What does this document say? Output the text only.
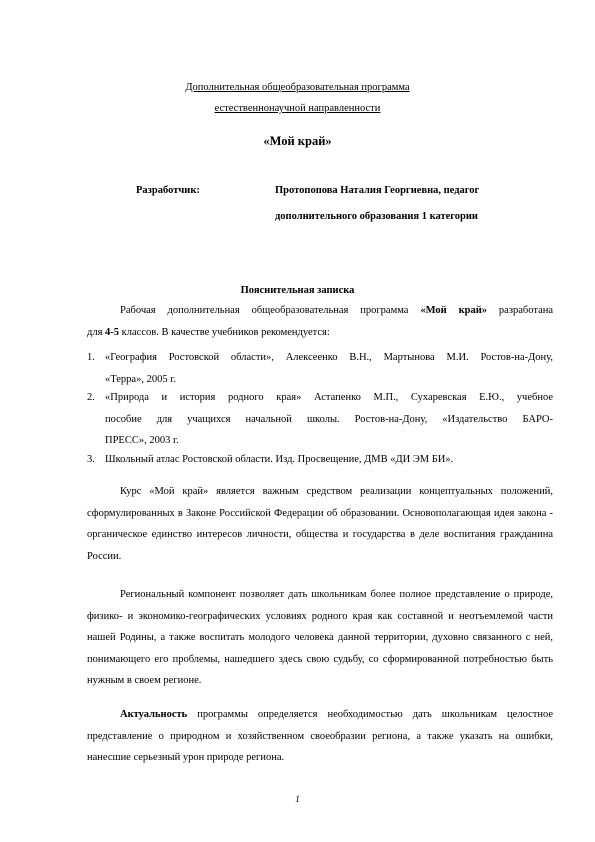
Дополнительная общеобразовательная программа
естественнонаучной направленности
«Мой край»
Разработчик:	Протопопова Наталия Георгиевна, педагог
дополнительного образования 1 категории
Пояснительная записка
Рабочая дополнительная общеобразовательная программа «Мой край» разработана
для 4-5 классов. В качестве учебников рекомендуется:
1. «География Ростовской области», Алексеенко В.Н., Мартынова М.И. Ростов-на-Дону,
«Терра», 2005 г.
2. «Природа и история родного края» Астапенко М.П., Сухаревская Е.Ю., учебное
пособие для учащихся начальной школы. Ростов-на-Дону, «Издательство БАРО-
ПРЕСС», 2003 г.
3. Школьный атлас Ростовской области. Изд. Просвещение, ДМВ «ДИ ЭМ БИ».
Курс «Мой край» является важным средством реализации концептуальных положений, сформулированных в Законе Российской Федерации об образовании. Основополагающая идея закона - органическое единство интересов личности, общества и государства в деле воспитания гражданина России.
Региональный компонент позволяет дать школьникам более полное представление о природе, физико- и экономико-географических условиях родного края как составной и неотъемлемой части нашей Родины, а также воспитать молодого человека данной территории, духовно связанного с ней, понимающего его проблемы, нашедшего здесь свою судьбу, со сформированной потребностью быть нужным в своем регионе.
Актуальность программы определяется необходимостью дать школьникам целостное представление о природном и хозяйственном своеобразии региона, а также указать на ошибки, нанесшие серьезный урон природе региона.
1
